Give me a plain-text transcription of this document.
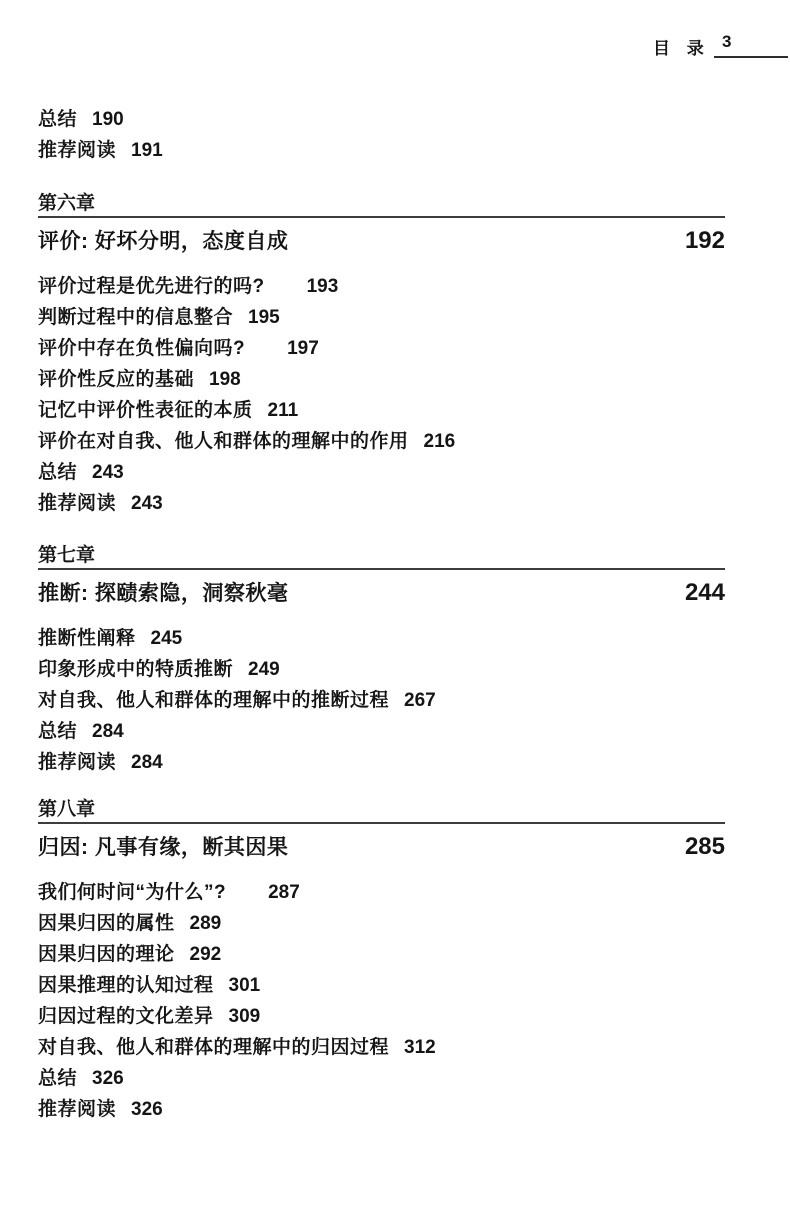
目 录 3
总结 190
推荐阅读 191
第六章
评价: 好坏分明，态度自成	192
评价过程是优先进行的吗? 193
判断过程中的信息整合 195
评价中存在负性偏向吗? 197
评价性反应的基础 198
记忆中评价性表征的本质 211
评价在对自我、他人和群体的理解中的作用 216
总结 243
推荐阅读 243
第七章
推断: 探赜索隐，洞察秋毫	244
推断性阐释 245
印象形成中的特质推断 249
对自我、他人和群体的理解中的推断过程 267
总结 284
推荐阅读 284
第八章
归因: 凡事有缘，断其因果	285
我们何时问“为什么”? 287
因果归因的属性 289
因果归因的理论 292
因果推理的认知过程 301
归因过程的文化差异 309
对自我、他人和群体的理解中的归因过程 312
总结 326
推荐阅读 326
